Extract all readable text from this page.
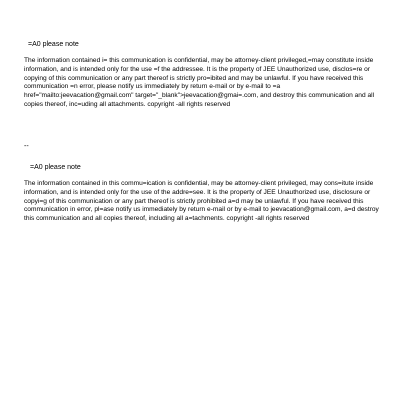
=A0 please note

The information contained i= this communication is confidential, may be attorney-client privileged,=may constitute inside information, and is intended only for the use =f the addressee. It is the property of JEE Unauthorized use, disclos=re or copying of this communication or any part thereof is strictly pro=ibited and may be unlawful. If you have received this communication =n error, please notify us immediately by return e-mail or by e-mail to =a href="mailto:jeevacation@gmail.com" target="_blank">jeevacation@gmai=.com, and destroy this communication and all copies thereof, inc=uding all attachments. copyright -all rights reserved

--
=A0 please note

The information contained in this commu=ication is confidential, may be attorney-client privileged, may cons=itute inside information, and is intended only for the use of the addre=see. It is the property of JEE Unauthorized use, disclosure or copyi=g of this communication or any part thereof is strictly prohibited a=d may be unlawful. If you have received this communication in error, pl=ase notify us immediately by return e-mail or by e-mail to jeevacation@gmail.com, a=d destroy this communication and all copies thereof, including all a=tachments. copyright -all rights reserved
